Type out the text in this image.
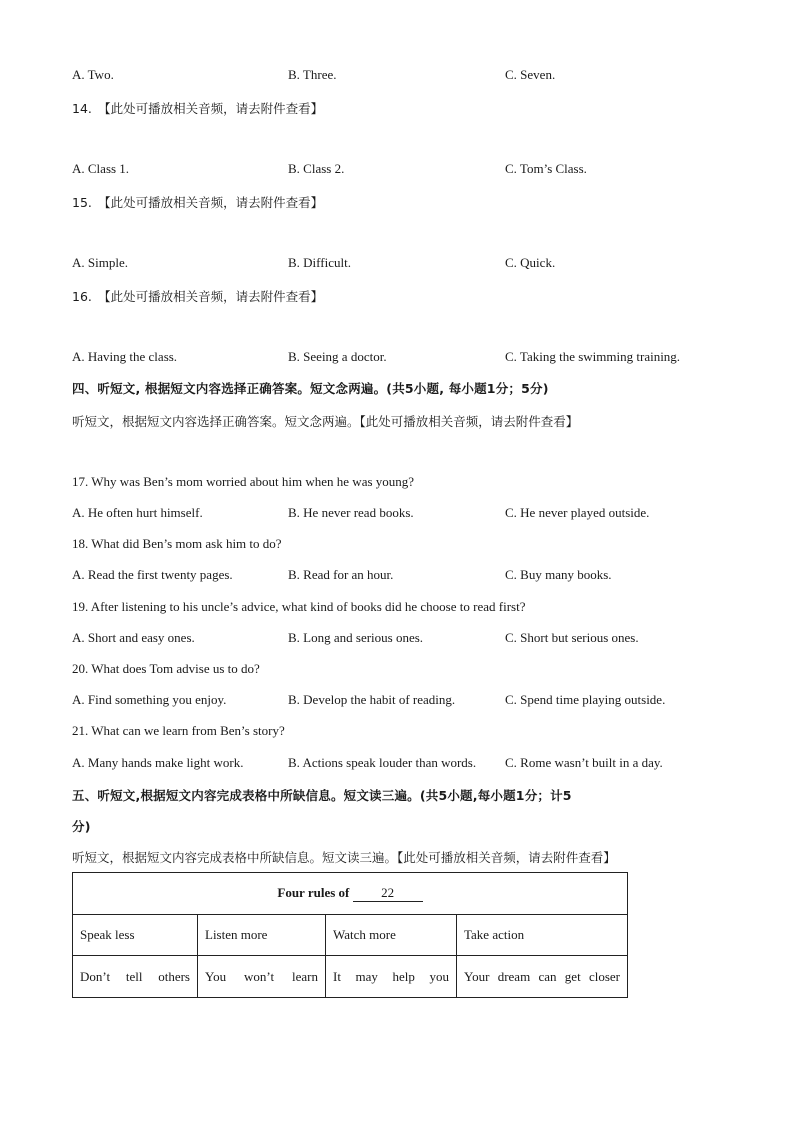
A. Two.	B. Three.	C. Seven.
14.　【此处可播放相关音频，请去附件查看】
A. Class 1.	B. Class 2.	C. Tom’s Class.
15.　【此处可播放相关音频，请去附件查看】
A. Simple.	B. Difficult.	C. Quick.
16.　【此处可播放相关音频，请去附件查看】
A. Having the class.	B. Seeing a doctor.	C. Taking the swimming training.
四、听短文, 根据短文内容选择正确答案。短文念两遍。(共5小题, 每小题1分；5分)
听短文，根据短文内容选择正确答案。短文念两遍。【此处可播放相关音频，请去附件查看】
17. Why was Ben’s mom worried about him when he was young?
A. He often hurt himself.	B. He never read books.	C. He never played outside.
18. What did Ben’s mom ask him to do?
A. Read the first twenty pages.	B. Read for an hour.	C. Buy many books.
19. After listening to his uncle’s advice, what kind of books did he choose to read first?
A. Short and easy ones.	B. Long and serious ones.	C. Short but serious ones.
20. What does Tom advise us to do?
A. Find something you enjoy.	B. Develop the habit of reading.	C. Spend time playing outside.
21. What can we learn from Ben’s story?
A. Many hands make light work.	B. Actions speak louder than words. C. Rome wasn’t built in a day.
五、听短文,根据短文内容完成表格中所缺信息。短文读三遍。(共5小题,每小题1分；计5
分)
听短文，根据短文内容完成表格中所缺信息。短文读三遍。【此处可播放相关音频，请去附件查看】
Four rules of 22			
Speak less	Listen more	Watch more	Take action
Don’t tell others	You won’t learn	It may help you	Your dream can get closer
